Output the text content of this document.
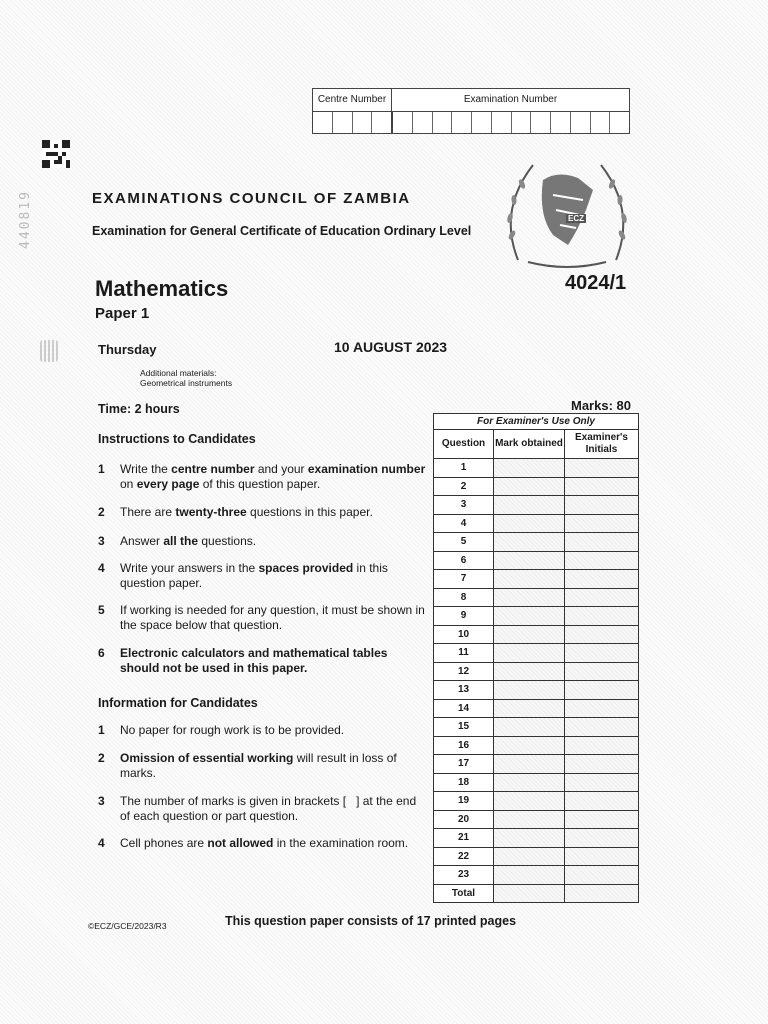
Centre Number	Examination Number
440819	EXAMINATIONS COUNCIL OF ZAMBIA
Examination for General Certificate of Education Ordinary Level
ECZ
Mathematics	4024/1
Paper 1
Thursday	10 AUGUST 2023
Additional materials:
Geometrical instruments
Time: 2 hours	Marks: 80
Instructions to Candidates
1 Write the centre number and your examination number on every page of this question paper.
2 There are twenty-three questions in this paper.
3 Answer all the questions.
4 Write your answers in the spaces provided in this question paper.
5 If working is needed for any question, it must be shown in the space below that question.
6 Electronic calculators and mathematical tables should not be used in this paper.
Information for Candidates
1 No paper for rough work is to be provided.
2 Omission of essential working will result in loss of marks.
3 The number of marks is given in brackets [   ] at the end of each question or part question.
4 Cell phones are not allowed in the examination room.
For Examiner's Use Only		
Question	Mark obtained	Examiner's Initials
1		
2		
3		
4		
5		
6		
7		
8		
9		
10		
11		
12		
13		
14		
15		
16		
17		
18		
19		
20		
21		
22		
23		
Total		
©ECZ/GCE/2023/R3	This question paper consists of 17 printed pages
